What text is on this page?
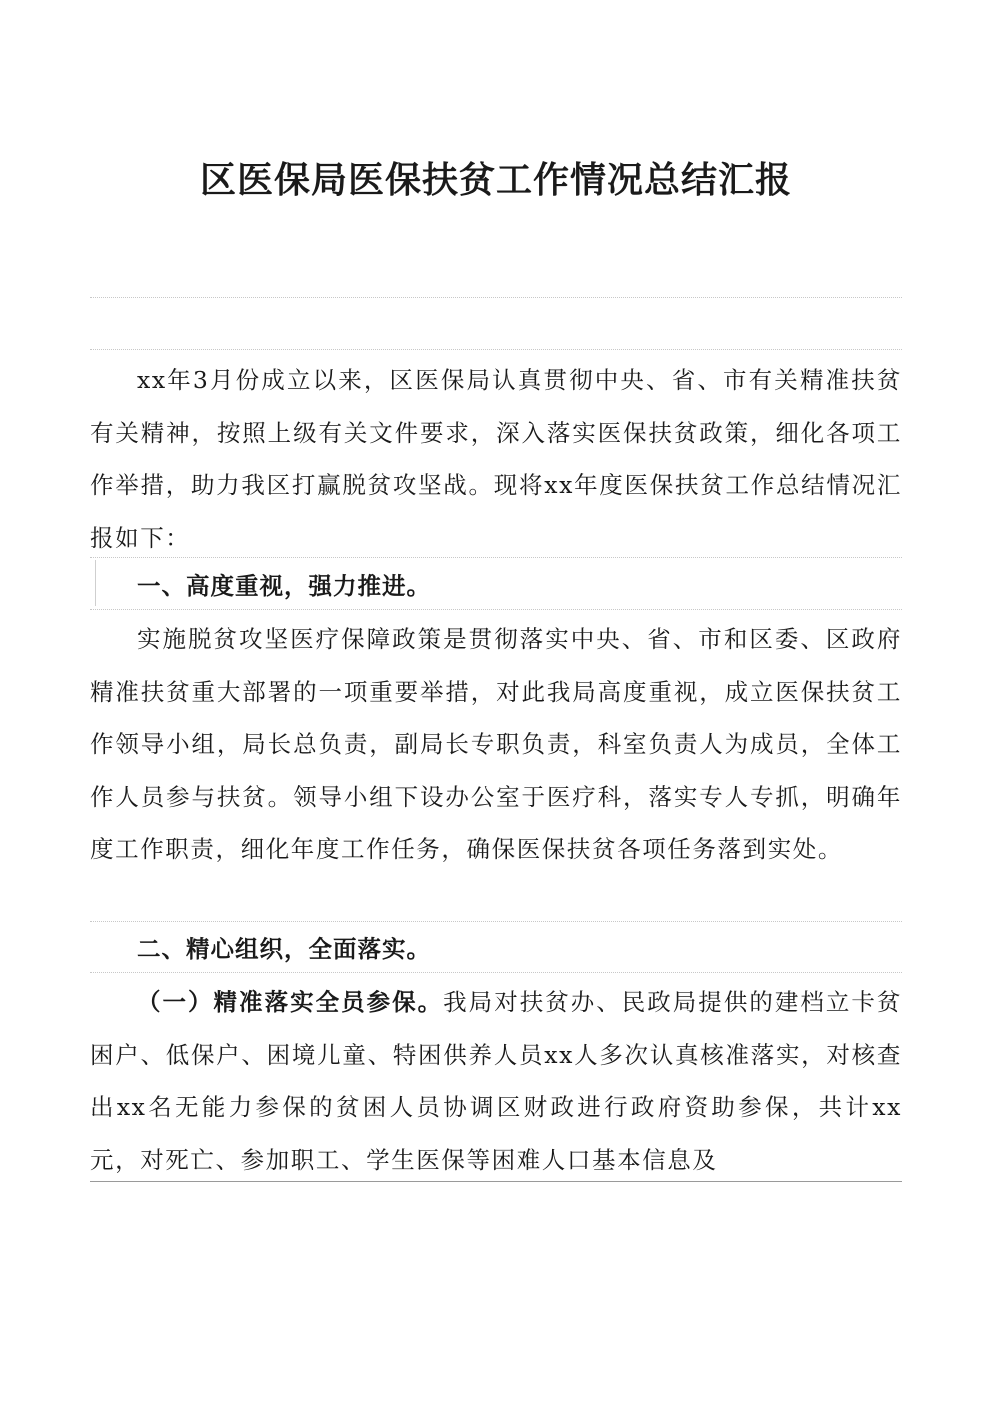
区医保局医保扶贫工作情况总结汇报

xx年3月份成立以来，区医保局认真贯彻中央、省、市有关精准扶贫有关精神，按照上级有关文件要求，深入落实医保扶贫政策，细化各项工作举措，助力我区打赢脱贫攻坚战。现将xx年度医保扶贫工作总结情况汇报如下：

一、高度重视，强力推进。

实施脱贫攻坚医疗保障政策是贯彻落实中央、省、市和区委、区政府精准扶贫重大部署的一项重要举措，对此我局高度重视，成立医保扶贫工作领导小组，局长总负责，副局长专职负责，科室负责人为成员，全体工作人员参与扶贫。领导小组下设办公室于医疗科，落实专人专抓，明确年度工作职责，细化年度工作任务，确保医保扶贫各项任务落到实处。

二、精心组织，全面落实。

（一）精准落实全员参保。我局对扶贫办、民政局提供的建档立卡贫困户、低保户、困境儿童、特困供养人员xx人多次认真核准落实，对核查出xx名无能力参保的贫困人员协调区财政进行政府资助参保，共计xx元，对死亡、参加职工、学生医保等困难人口基本信息及
